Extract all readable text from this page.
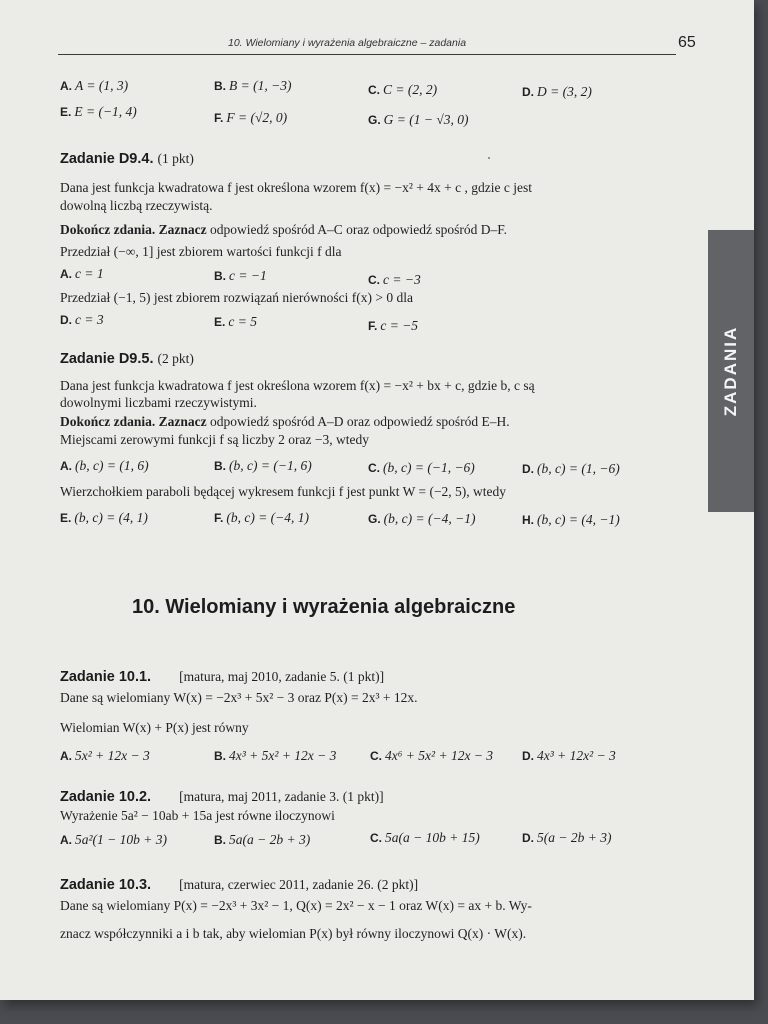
10. Wielomiany i wyrażenia algebraiczne – zadania	65
ZADANIA
A. A = (1, 3)	B. B = (1, −3)	C. C = (2, 2)	D. D = (3, 2)
E. E = (−1, 4)	F. F = (√2, 0)	G. G = (1 − √3, 0)
Zadanie D9.4. (1 pkt)
Dana jest funkcja kwadratowa f jest określona wzorem f(x) = −x² + 4x + c , gdzie c jest
dowolną liczbą rzeczywistą.
Dokończ zdania. Zaznacz odpowiedź spośród A–C oraz odpowiedź spośród D–F.
Przedział (−∞, 1] jest zbiorem wartości funkcji f dla
A. c = 1	B. c = −1	C. c = −3
Przedział (−1, 5) jest zbiorem rozwiązań nierówności f(x) > 0 dla
D. c = 3	E. c = 5	F. c = −5
Zadanie D9.5. (2 pkt)
Dana jest funkcja kwadratowa f jest określona wzorem f(x) = −x² + bx + c, gdzie b, c są
dowolnymi liczbami rzeczywistymi.
Dokończ zdania. Zaznacz odpowiedź spośród A–D oraz odpowiedź spośród E–H.
Miejscami zerowymi funkcji f są liczby 2 oraz −3, wtedy
A. (b, c) = (1, 6)	B. (b, c) = (−1, 6)	C. (b, c) = (−1, −6)	D. (b, c) = (1, −6)
Wierzchołkiem paraboli będącej wykresem funkcji f jest punkt W = (−2, 5), wtedy
E. (b, c) = (4, 1)	F. (b, c) = (−4, 1)	G. (b, c) = (−4, −1)	H. (b, c) = (4, −1)
10. Wielomiany i wyrażenia algebraiczne
Zadanie 10.1. [matura, maj 2010, zadanie 5. (1 pkt)]
Dane są wielomiany W(x) = −2x³ + 5x² − 3 oraz P(x) = 2x³ + 12x.
Wielomian W(x) + P(x) jest równy
A. 5x² + 12x − 3	B. 4x³ + 5x² + 12x − 3	C. 4x⁶ + 5x² + 12x − 3 D. 4x³ + 12x² − 3
Zadanie 10.2. [matura, maj 2011, zadanie 3. (1 pkt)]
Wyrażenie 5a² − 10ab + 15a jest równe iloczynowi
A. 5a²(1 − 10b + 3)	B. 5a(a − 2b + 3)	C. 5a(a − 10b + 15)	D. 5(a − 2b + 3)
Zadanie 10.3. [matura, czerwiec 2011, zadanie 26. (2 pkt)]
Dane są wielomiany P(x) = −2x³ + 3x² − 1, Q(x) = 2x² − x − 1 oraz W(x) = ax + b. Wy-
znacz współczynniki a i b tak, aby wielomian P(x) był równy iloczynowi Q(x) · W(x).
